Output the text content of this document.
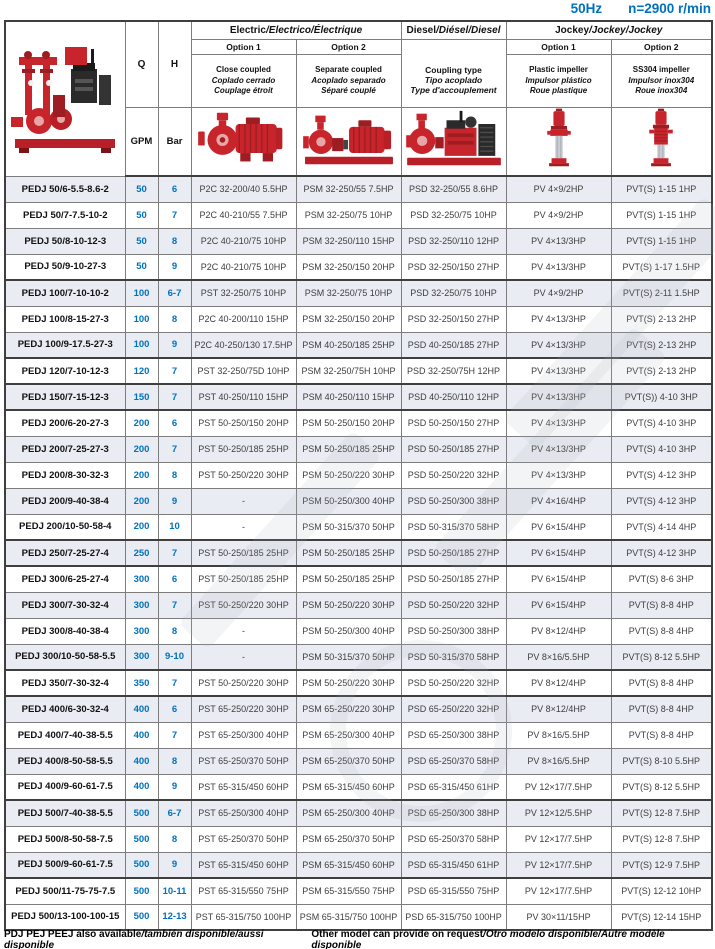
50Hz n=2900 r/min
	Q	H	Electric/Electrico/Électrique		Diesel/Diésel/Diesel	Jockey/Jockey/Jockey	
			Option 1	Option 2	Coupling type
Tipo acoplado
Type d'accouplement	Option 1	Option 2

			Close coupled
Coplado cerrado
Couplage étroit	Separate coupled
Acoplado separado
Séparé couplé		Plastic impeller
Impulsor plástico
Roue plastique	SS304 impeller
Impulsor inox304
Roue inox304

	GPM	Bar					
PEDJ 50/6-5.5-8.6-2	50	6	P2C 32-200/40 5.5HP	PSM 32-250/55 7.5HP	PSD 32-250/55 8.6HP	PV 4×9/2HP	PVT(S) 1-15 1HP
PEDJ 50/7-7.5-10-2	50	7	P2C 40-210/55 7.5HP	PSM 32-250/75 10HP	PSD 32-250/75 10HP	PV 4×9/2HP	PVT(S) 1-15 1HP
PEDJ 50/8-10-12-3	50	8	P2C 40-210/75 10HP	PSM 32-250/110 15HP	PSD 32-250/110 12HP	PV 4×13/3HP	PVT(S) 1-15 1HP
PEDJ 50/9-10-27-3	50	9	P2C 40-210/75 10HP	PSM 32-250/150 20HP	PSD 32-250/150 27HP	PV 4×13/3HP	PVT(S) 1-17 1.5HP
PEDJ 100/7-10-10-2	100	6-7	PST 32-250/75 10HP	PSM 32-250/75 10HP	PSD 32-250/75 10HP	PV 4×9/2HP	PVT(S) 2-11 1.5HP
PEDJ 100/8-15-27-3	100	8	P2C 40-200/110 15HP	PSM 32-250/150 20HP	PSD 32-250/150 27HP	PV 4×13/3HP	PVT(S) 2-13 2HP
PEDJ 100/9-17.5-27-3	100	9	P2C 40-250/130 17.5HP	PSM 40-250/185 25HP	PSD 40-250/185 27HP	PV 4×13/3HP	PVT(S) 2-13 2HP
PEDJ 120/7-10-12-3	120	7	PST 32-250/75D 10HP	PSM 32-250/75H 10HP	PSD 32-250/75H 12HP	PV 4×13/3HP	PVT(S) 2-13 2HP
PEDJ 150/7-15-12-3	150	7	PST 40-250/110 15HP	PSM 40-250/110 15HP	PSD 40-250/110 12HP	PV 4×13/3HP	PVT(S)) 4-10 3HP
PEDJ 200/6-20-27-3	200	6	PST 50-250/150 20HP	PSM 50-250/150 20HP	PSD 50-250/150 27HP	PV 4×13/3HP	PVT(S) 4-10 3HP
PEDJ 200/7-25-27-3	200	7	PST 50-250/185 25HP	PSM 50-250/185 25HP	PSD 50-250/185 27HP	PV 4×13/3HP	PVT(S) 4-10 3HP
PEDJ 200/8-30-32-3	200	8	PST 50-250/220 30HP	PSM 50-250/220 30HP	PSD 50-250/220 32HP	PV 4×13/3HP	PVT(S) 4-12 3HP
PEDJ 200/9-40-38-4	200	9	-	PSM 50-250/300 40HP	PSD 50-250/300 38HP	PV 4×16/4HP	PVT(S) 4-12 3HP
PEDJ 200/10-50-58-4	200	10	-	PSM 50-315/370 50HP	PSD 50-315/370 58HP	PV 6×15/4HP	PVT(S) 4-14 4HP
PEDJ 250/7-25-27-4	250	7	PST 50-250/185 25HP	PSM 50-250/185 25HP	PSD 50-250/185 27HP	PV 6×15/4HP	PVT(S) 4-12 3HP
PEDJ 300/6-25-27-4	300	6	PST 50-250/185 25HP	PSM 50-250/185 25HP	PSD 50-250/185 27HP	PV 6×15/4HP	PVT(S) 8-6 3HP
PEDJ 300/7-30-32-4	300	7	PST 50-250/220 30HP	PSM 50-250/220 30HP	PSD 50-250/220 32HP	PV 6×15/4HP	PVT(S) 8-8 4HP
PEDJ 300/8-40-38-4	300	8	-	PSM 50-250/300 40HP	PSD 50-250/300 38HP	PV 8×12/4HP	PVT(S) 8-8 4HP
PEDJ 300/10-50-58-5.5	300	9-10	-	PSM 50-315/370 50HP	PSD 50-315/370 58HP	PV 8×16/5.5HP	PVT(S) 8-12 5.5HP
PEDJ 350/7-30-32-4	350	7	PST 50-250/220 30HP	PSM 50-250/220 30HP	PSD 50-250/220 32HP	PV 8×12/4HP	PVT(S) 8-8 4HP
PEDJ 400/6-30-32-4	400	6	PST 65-250/220 30HP	PSM 65-250/220 30HP	PSD 65-250/220 32HP	PV 8×12/4HP	PVT(S) 8-8 4HP
PEDJ 400/7-40-38-5.5	400	7	PST 65-250/300 40HP	PSM 65-250/300 40HP	PSD 65-250/300 38HP	PV 8×16/5.5HP	PVT(S) 8-8 4HP
PEDJ 400/8-50-58-5.5	400	8	PST 65-250/370 50HP	PSM 65-250/370 50HP	PSD 65-250/370 58HP	PV 8×16/5.5HP	PVT(S) 8-10 5.5HP
PEDJ 400/9-60-61-7.5	400	9	PST 65-315/450 60HP	PSM 65-315/450 60HP	PSD 65-315/450 61HP	PV 12×17/7.5HP	PVT(S) 8-12 5.5HP
PEDJ 500/7-40-38-5.5	500	6-7	PST 65-250/300 40HP	PSM 65-250/300 40HP	PSD 65-250/300 38HP	PV 12×12/5.5HP	PVT(S) 12-8 7.5HP
PEDJ 500/8-50-58-7.5	500	8	PST 65-250/370 50HP	PSM 65-250/370 50HP	PSD 65-250/370 58HP	PV 12×17/7.5HP	PVT(S) 12-8 7.5HP
PEDJ 500/9-60-61-7.5	500	9	PST 65-315/450 60HP	PSM 65-315/450 60HP	PSD 65-315/450 61HP	PV 12×17/7.5HP	PVT(S) 12-9 7.5HP
PEDJ 500/11-75-75-7.5	500	10-11	PST 65-315/550 75HP	PSM 65-315/550 75HP	PSD 65-315/550 75HP	PV 12×17/7.5HP	PVT(S) 12-12 10HP
PEDJ 500/13-100-100-15	500	12-13	PST 65-315/750 100HP	PSM 65-315/750 100HP	PSD 65-315/750 100HP	PV 30×11/15HP	PVT(S) 12-14 15HP
PDJ PEJ PEEJ also available/también disponible/aussi disponible
Other model can provide on request/Otro modelo disponible/Autre modèle disponible
